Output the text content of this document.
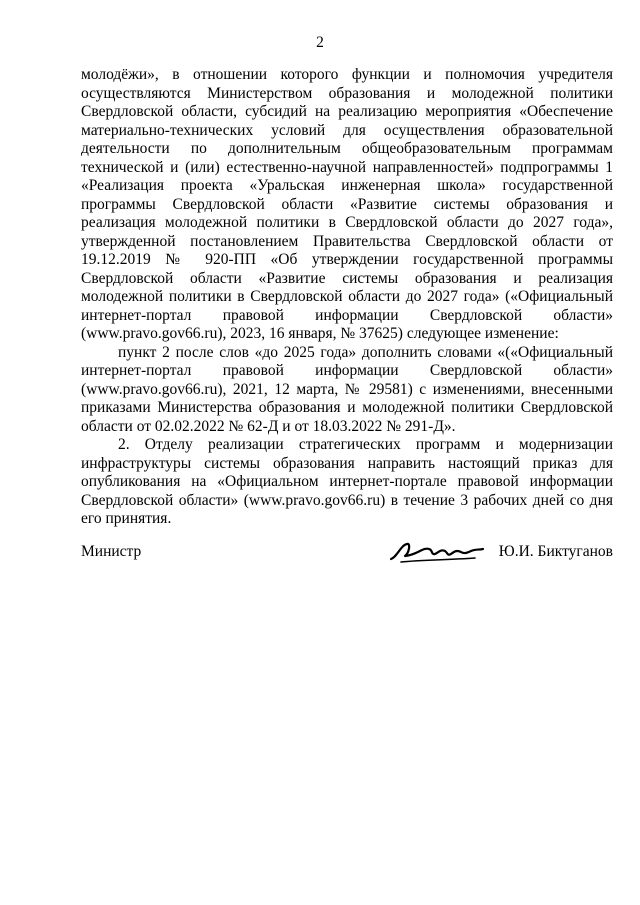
2

молодёжи», в отношении которого функции и полномочия учредителя осуществляются Министерством образования и молодежной политики Свердловской области, субсидий на реализацию мероприятия «Обеспечение материально-технических условий для осуществления образовательной деятельности по дополнительным общеобразовательным программам технической и (или) естественно-научной направленностей» подпрограммы 1 «Реализация проекта «Уральская инженерная школа» государственной программы Свердловской области «Развитие системы образования и реализация молодежной политики в Свердловской области до 2027 года», утвержденной постановлением Правительства Свердловской области от 19.12.2019 № 920-ПП «Об утверждении государственной программы Свердловской области «Развитие системы образования и реализация молодежной политики в Свердловской области до 2027 года» («Официальный интернет-портал правовой информации Свердловской области» (www.pravo.gov66.ru), 2023, 16 января, № 37625) следующее изменение:

пункт 2 после слов «до 2025 года» дополнить словами «(«Официальный интернет-портал правовой информации Свердловской области» (www.pravo.gov66.ru), 2021, 12 марта, № 29581) с изменениями, внесенными приказами Министерства образования и молодежной политики Свердловской области от 02.02.2022 № 62-Д и от 18.03.2022 № 291-Д».

2. Отделу реализации стратегических программ и модернизации инфраструктуры системы образования направить настоящий приказ для опубликования на «Официальном интернет-портале правовой информации Свердловской области» (www.pravo.gov66.ru) в течение 3 рабочих дней со дня его принятия.

Министр	Ю.И. Биктуганов
